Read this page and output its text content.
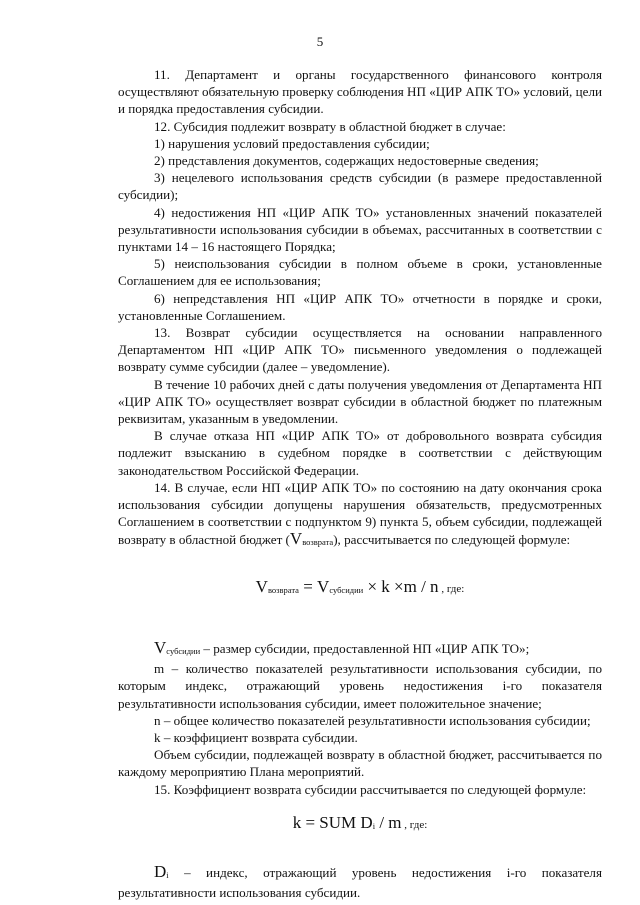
5

11. Департамент и органы государственного финансового контроля осуществляют обязательную проверку соблюдения НП «ЦИР АПК ТО» условий, цели и порядка предоставления субсидии.

12. Субсидия подлежит возврату в областной бюджет в случае:

1) нарушения условий предоставления субсидии;

2) представления документов, содержащих недостоверные сведения;

3) нецелевого использования средств субсидии (в размере предоставленной субсидии);

4) недостижения НП «ЦИР АПК ТО» установленных значений показателей результативности использования субсидии в объемах, рассчитанных в соответствии с пунктами 14 – 16 настоящего Порядка;

5) неиспользования субсидии в полном объеме в сроки, установленные Соглашением для ее использования;

6) непредставления НП «ЦИР АПК ТО» отчетности в порядке и сроки, установленные Соглашением.

13. Возврат субсидии осуществляется на основании направленного Департаментом НП «ЦИР АПК ТО» письменного уведомления о подлежащей возврату сумме субсидии (далее – уведомление).

В течение 10 рабочих дней с даты получения уведомления от Департамента НП «ЦИР АПК ТО» осуществляет возврат субсидии в областной бюджет по платежным реквизитам, указанным в уведомлении.

В случае отказа НП «ЦИР АПК ТО» от добровольного возврата субсидия подлежит взысканию в судебном порядке в соответствии с действующим законодательством Российской Федерации.

14. В случае, если НП «ЦИР АПК ТО» по состоянию на дату окончания срока использования субсидии допущены нарушения обязательств, предусмотренных Соглашением в соответствии с подпунктом 9) пункта 5, объем субсидии, подлежащей возврату в областной бюджет (Vвозврата), рассчитывается по следующей формуле:

Vвозврата = Vсубсидии × k ×m / n , где:

Vсубсидии – размер субсидии, предоставленной НП «ЦИР АПК ТО»;

m – количество показателей результативности использования субсидии, по которым индекс, отражающий уровень недостижения i-го показателя результативности использования субсидии, имеет положительное значение;

n – общее количество показателей результативности использования субсидии;

k – коэффициент возврата субсидии.

Объем субсидии, подлежащей возврату в областной бюджет, рассчитывается по каждому мероприятию Плана мероприятий.

15. Коэффициент возврата субсидии рассчитывается по следующей формуле:

k = SUM Di / m , где:

Di – индекс, отражающий уровень недостижения i-го показателя результативности использования субсидии.
